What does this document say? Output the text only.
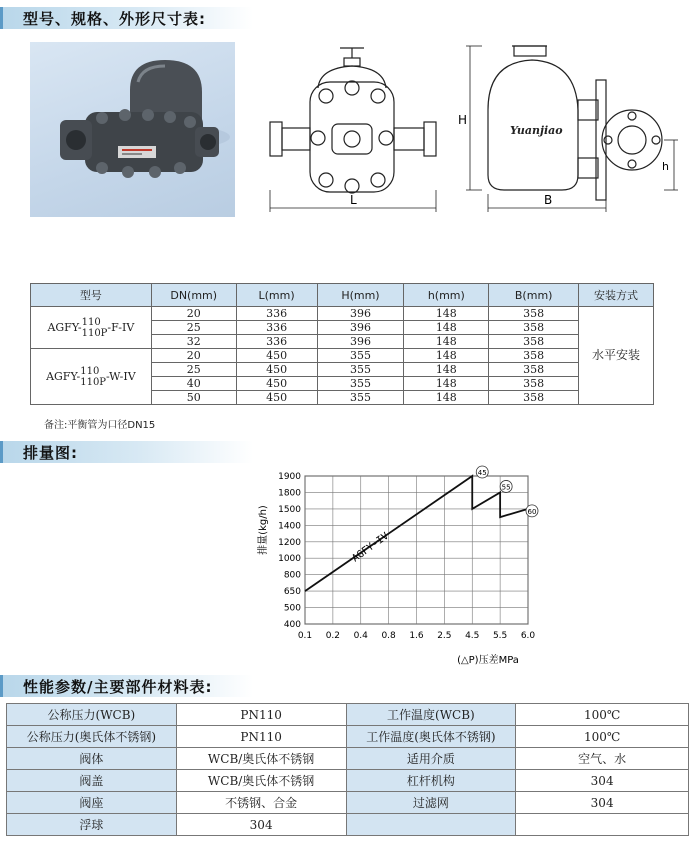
型号、规格、外形尺寸表:
L
H
B
h
Yuanjiao
型号	DN(mm)	L(mm)	H(mm)	h(mm)	B(mm)	安装方式
AGFY-110
110P-F-IV	20	336	396	148	358	水平安装
	25	336	396	148	358	
	32	336	396	148	358	
AGFY-110
110P-W-IV	20	450	355	148	358	
	25	450	355	148	358	
	40	450	355	148	358	
	50	450	355	148	358	
备注:平衡管为口径DN15
排量图:
0.1 0.2 0.4 0.8 1.6 2.5 4.5 5.5 6.0
400
500
650
800
1000
1200
1400
1500
1800
1900	45
55
60
排量(kg/h)
(△P)压差MPa
AGFY-IV
性能参数/主要部件材料表:
公称压力(WCB)	PN110	工作温度(WCB)	100℃
公称压力(奥氏体不锈钢)	PN110	工作温度(奥氏体不锈钢)	100℃
阀体	WCB/奥氏体不锈钢	适用介质	空气、水
阀盖	WCB/奥氏体不锈钢	杠杆机构	304
阀座	不锈钢、合金	过滤网	304
浮球	304		
